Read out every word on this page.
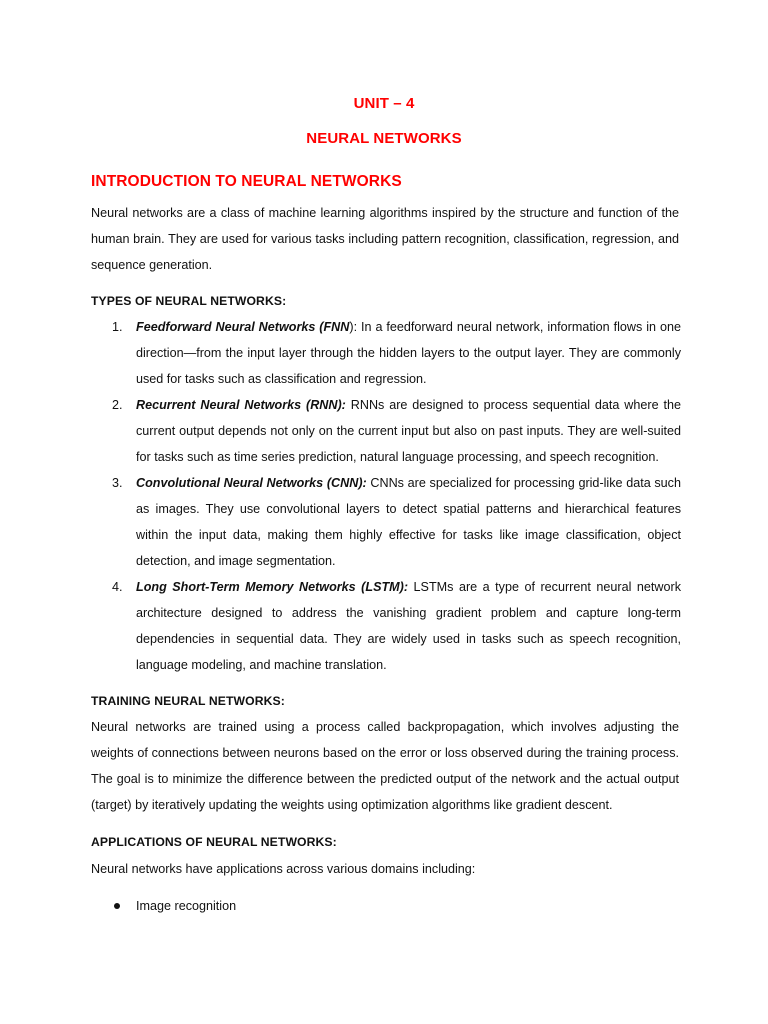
UNIT – 4
NEURAL NETWORKS
INTRODUCTION TO NEURAL NETWORKS
Neural networks are a class of machine learning algorithms inspired by the structure and function of the human brain. They are used for various tasks including pattern recognition, classification, regression, and sequence generation.
TYPES OF NEURAL NETWORKS:
1. Feedforward Neural Networks (FNN): In a feedforward neural network, information flows in one direction—from the input layer through the hidden layers to the output layer. They are commonly used for tasks such as classification and regression.
2. Recurrent Neural Networks (RNN): RNNs are designed to process sequential data where the current output depends not only on the current input but also on past inputs. They are well-suited for tasks such as time series prediction, natural language processing, and speech recognition.
3. Convolutional Neural Networks (CNN): CNNs are specialized for processing grid-like data such as images. They use convolutional layers to detect spatial patterns and hierarchical features within the input data, making them highly effective for tasks like image classification, object detection, and image segmentation.
4. Long Short-Term Memory Networks (LSTM): LSTMs are a type of recurrent neural network architecture designed to address the vanishing gradient problem and capture long-term dependencies in sequential data. They are widely used in tasks such as speech recognition, language modeling, and machine translation.
TRAINING NEURAL NETWORKS:
Neural networks are trained using a process called backpropagation, which involves adjusting the weights of connections between neurons based on the error or loss observed during the training process. The goal is to minimize the difference between the predicted output of the network and the actual output (target) by iteratively updating the weights using optimization algorithms like gradient descent.
APPLICATIONS OF NEURAL NETWORKS:
Neural networks have applications across various domains including:
Image recognition
